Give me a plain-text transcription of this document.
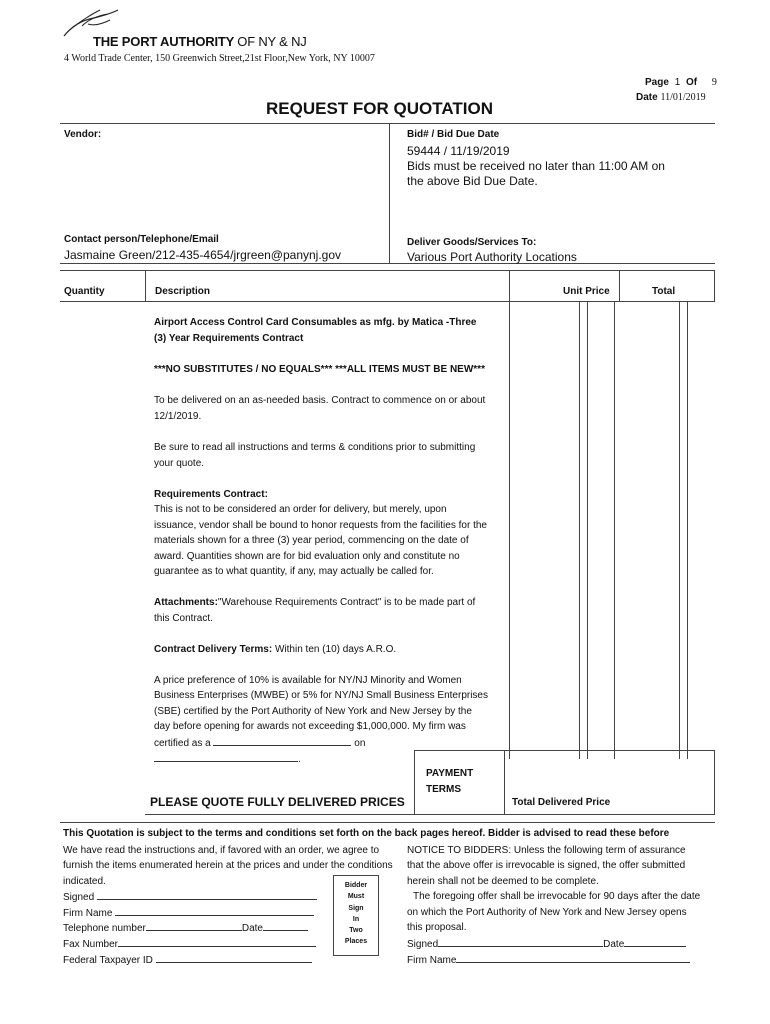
THE PORT AUTHORITY OF NY & NJ
4 World Trade Center, 150 Greenwich Street,21st Floor,New York, NY 10007
Page 1 Of 9
Date 11/01/2019
REQUEST FOR QUOTATION
Vendor:	Bid# / Bid Due Date
59444 / 11/19/2019
Bids must be received no later than 11:00 AM on
the above Bid Due Date.
Contact person/Telephone/Email
Jasmaine Green/212-435-4654/jrgreen@panynj.gov
Deliver Goods/Services To:
Various Port Authority Locations
Quantity	Description	Unit Price	Total
Airport Access Control Card Consumables as mfg. by Matica -Three
(3) Year Requirements Contract
***NO SUBSTITUTES / NO EQUALS*** ***ALL ITEMS MUST BE NEW***
To be delivered on an as-needed basis. Contract to commence on or about
12/1/2019.
Be sure to read all instructions and terms & conditions prior to submitting
your quote.
Requirements Contract:
This is not to be considered an order for delivery, but merely, upon
issuance, vendor shall be bound to honor requests from the facilities for the
materials shown for a three (3) year period, commencing on the date of
award. Quantities shown are for bid evaluation only and constitute no
guarantee as to what quantity, if any, may actually be called for.
Attachments:"Warehouse Requirements Contract" is to be made part of
this Contract.
Contract Delivery Terms: Within ten (10) days A.R.O.
A price preference of 10% is available for NY/NJ Minority and Women
Business Enterprises (MWBE) or 5% for NY/NJ Small Business Enterprises
(SBE) certified by the Port Authority of New York and New Jersey by the
day before opening for awards not exceeding $1,000,000. My firm was
certified as a	on
.
PAYMENT TERMS
PLEASE QUOTE FULLY DELIVERED PRICES	Total Delivered Price
This Quotation is subject to the terms and conditions set forth on the back pages hereof. Bidder is advised to read these before
We have read the instructions and, if favored with an order, we agree to
furnish the items enumerated herein at the prices and under the conditions
indicated.
Signed
Firm Name
Telephone number	Date
Fax Number
Federal Taxpayer ID
Bidder
Must
Sign
In
Two
Places
NOTICE TO BIDDERS: Unless the following term of assurance
that the above offer is irrevocable is signed, the offer submitted
herein shall not be deemed to be complete.
The foregoing offer shall be irrevocable for 90 days after the date
on which the Port Authority of New York and New Jersey opens
this proposal.
Signed	Date
Firm Name
